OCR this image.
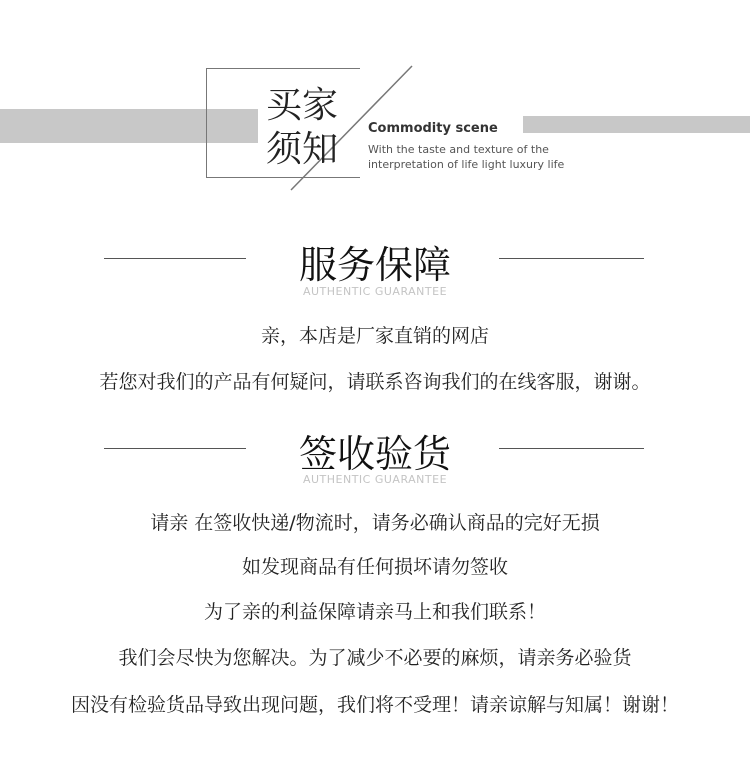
买家
须知
Commodity scene
With the taste and texture of the
interpretation of life light luxury life
服务保障
AUTHENTIC GUARANTEE
亲，本店是厂家直销的网店
若您对我们的产品有何疑问，请联系咨询我们的在线客服，谢谢。
签收验货
AUTHENTIC GUARANTEE
请亲 在签收快递/物流时，请务必确认商品的完好无损
如发现商品有任何损坏请勿签收
为了亲的利益保障请亲马上和我们联系！
我们会尽快为您解决。为了减少不必要的麻烦，请亲务必验货
因没有检验货品导致出现问题，我们将不受理！请亲谅解与知属！谢谢！
